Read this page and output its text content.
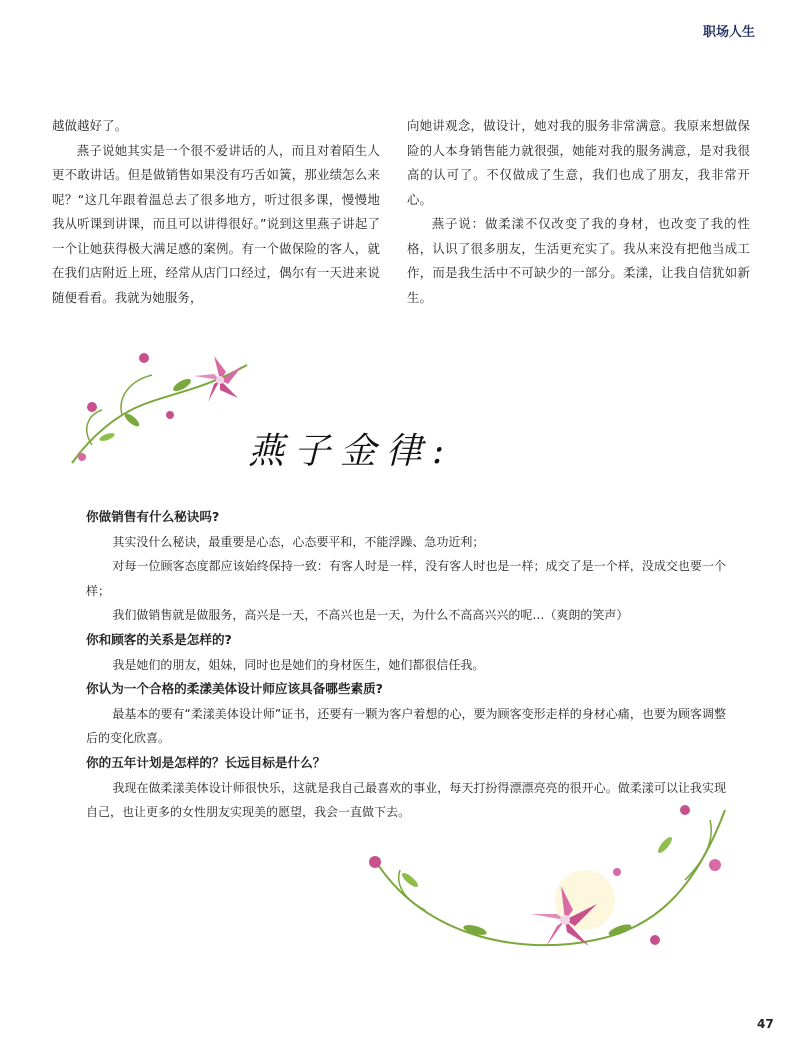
职场人生

越做越好了。

燕子说她其实是一个很不爱讲话的人，而且对着陌生人更不敢讲话。但是做销售如果没有巧舌如簧，那业绩怎么来呢？“这几年跟着温总去了很多地方，听过很多课，慢慢地我从听课到讲课，而且可以讲得很好。”说到这里燕子讲起了一个让她获得极大满足感的案例。有一个做保险的客人，就在我们店附近上班，经常从店门口经过，偶尔有一天进来说随便看看。我就为她服务，

向她讲观念，做设计，她对我的服务非常满意。我原来想做保险的人本身销售能力就很强，她能对我的服务满意，是对我很高的认可了。不仅做成了生意，我们也成了朋友，我非常开心。

燕子说：做柔漾不仅改变了我的身材，也改变了我的性格，认识了很多朋友，生活更充实了。我从来没有把他当成工作，而是我生活中不可缺少的一部分。柔漾，让我自信犹如新生。

燕子金律:

你做销售有什么秘诀吗?

其实没什么秘诀，最重要是心态，心态要平和，不能浮躁、急功近利；

对每一位顾客态度都应该始终保持一致：有客人时是一样，没有客人时也是一样；成交了是一个样，没成交也要一个样；

我们做销售就是做服务，高兴是一天，不高兴也是一天，为什么不高高兴兴的呢…（爽朗的笑声）

你和顾客的关系是怎样的?

我是她们的朋友，姐妹，同时也是她们的身材医生，她们都很信任我。

你认为一个合格的柔漾美体设计师应该具备哪些素质?

最基本的要有“柔漾美体设计师”证书，还要有一颗为客户着想的心，要为顾客变形走样的身材心痛，也要为顾客调整后的变化欣喜。

你的五年计划是怎样的？长远目标是什么？

我现在做柔漾美体设计师很快乐，这就是我自己最喜欢的事业，每天打扮得漂漂亮亮的很开心。做柔漾可以让我实现自己，也让更多的女性朋友实现美的愿望，我会一直做下去。

47
